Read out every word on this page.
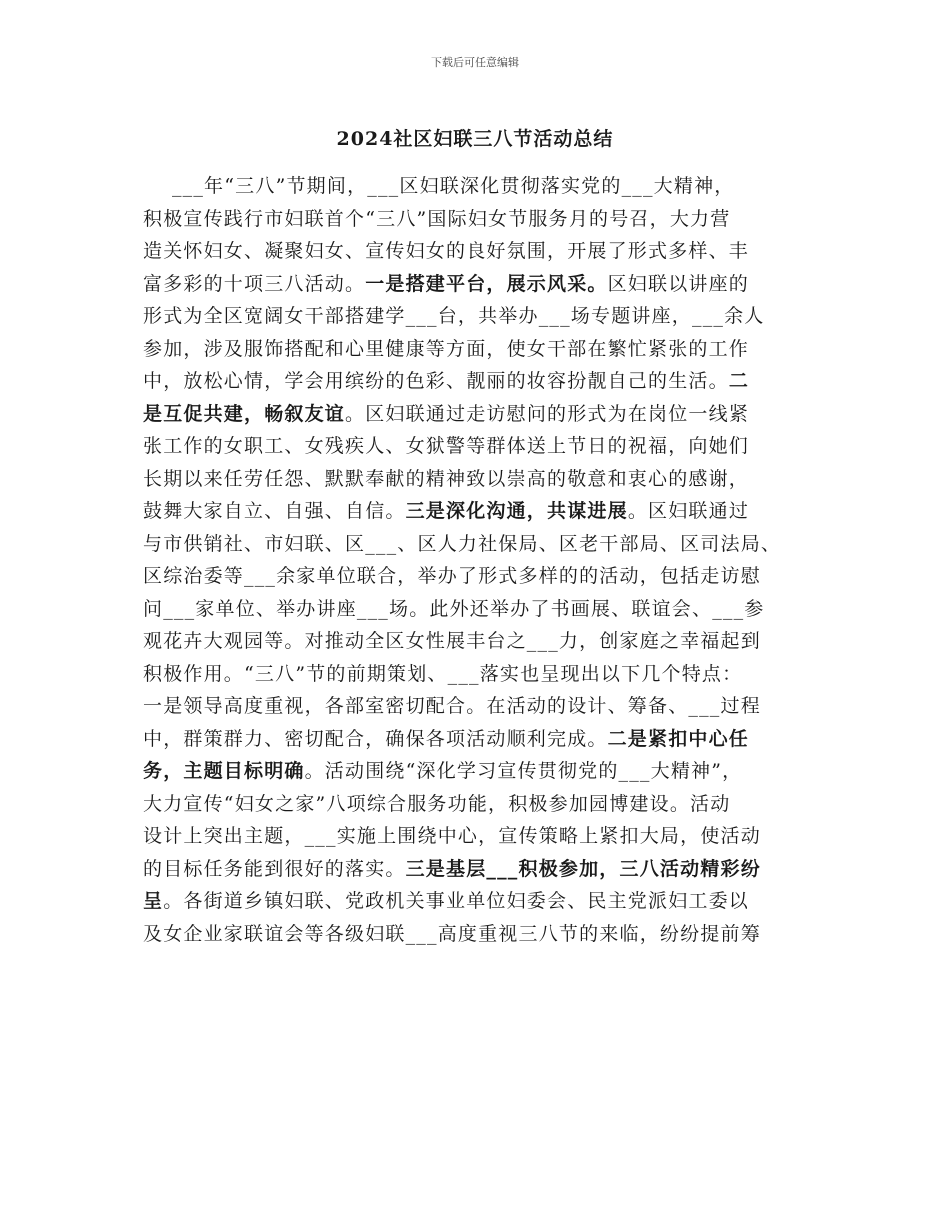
下载后可任意编辑
2024社区妇联三八节活动总结
___年“三八”节期间，___区妇联深化贯彻落实党的___大精神，
积极宣传践行市妇联首个“三八”国际妇女节服务月的号召，大力营
造关怀妇女、凝聚妇女、宣传妇女的良好氛围，开展了形式多样、丰
富多彩的十项三八活动。一是搭建平台，展示风采。区妇联以讲座的
形式为全区宽阔女干部搭建学___台，共举办___场专题讲座，___余人
参加，涉及服饰搭配和心里健康等方面，使女干部在繁忙紧张的工作
中，放松心情，学会用缤纷的色彩、靓丽的妆容扮靓自己的生活。二
是互促共建，畅叙友谊。区妇联通过走访慰问的形式为在岗位一线紧
张工作的女职工、女残疾人、女狱警等群体送上节日的祝福，向她们
长期以来任劳任怨、默默奉献的精神致以崇高的敬意和衷心的感谢，
鼓舞大家自立、自强、自信。三是深化沟通，共谋进展。区妇联通过
与市供销社、市妇联、区___、区人力社保局、区老干部局、区司法局、
区综治委等___余家单位联合，举办了形式多样的的活动，包括走访慰
问___家单位、举办讲座___场。此外还举办了书画展、联谊会、___参
观花卉大观园等。对推动全区女性展丰台之___力，创家庭之幸福起到
积极作用。“三八”节的前期策划、___落实也呈现出以下几个特点：
一是领导高度重视，各部室密切配合。在活动的设计、筹备、___过程
中，群策群力、密切配合，确保各项活动顺利完成。二是紧扣中心任
务，主题目标明确。活动围绕“深化学习宣传贯彻党的___大精神”，
大力宣传“妇女之家”八项综合服务功能，积极参加园博建设。活动
设计上突出主题，___实施上围绕中心，宣传策略上紧扣大局，使活动
的目标任务能到很好的落实。三是基层___积极参加，三八活动精彩纷
呈。各街道乡镇妇联、党政机关事业单位妇委会、民主党派妇工委以
及女企业家联谊会等各级妇联___高度重视三八节的来临，纷纷提前筹
